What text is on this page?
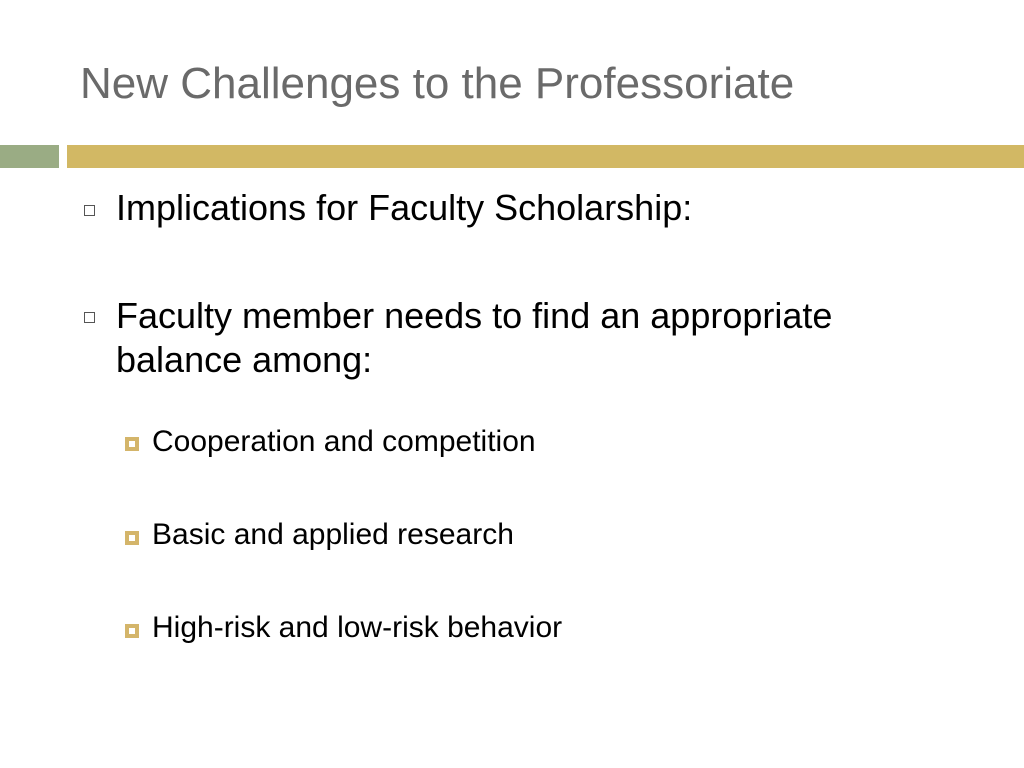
New Challenges to the Professoriate
Implications for Faculty Scholarship:
Faculty member needs to find an appropriate balance among:
Cooperation and competition
Basic and applied research
High-risk and low-risk behavior
